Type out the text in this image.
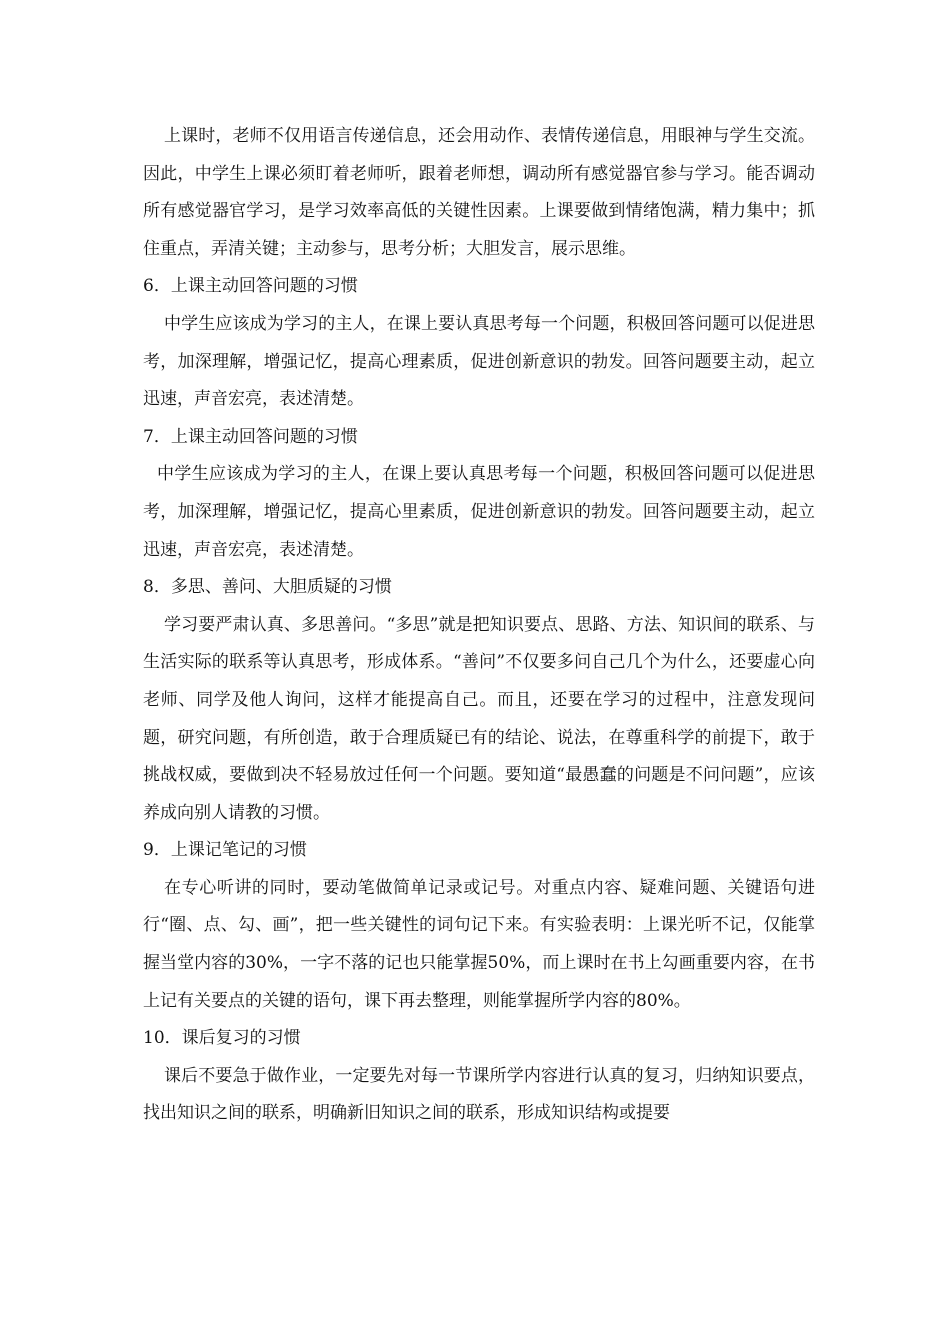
上课时，老师不仅用语言传递信息，还会用动作、表情传递信息，用眼神与学生交流。因此，中学生上课必须盯着老师听，跟着老师想，调动所有感觉器官参与学习。能否调动所有感觉器官学习，是学习效率高低的关键性因素。上课要做到情绪饱满，精力集中；抓住重点，弄清关键；主动参与，思考分析；大胆发言，展示思维。

6．上课主动回答问题的习惯

中学生应该成为学习的主人，在课上要认真思考每一个问题，积极回答问题可以促进思考，加深理解，增强记忆，提高心理素质，促进创新意识的勃发。回答问题要主动，起立迅速，声音宏亮，表述清楚。

7．上课主动回答问题的习惯

中学生应该成为学习的主人，在课上要认真思考每一个问题，积极回答问题可以促进思考，加深理解，增强记忆，提高心里素质，促进创新意识的勃发。回答问题要主动，起立迅速，声音宏亮，表述清楚。

8．多思、善问、大胆质疑的习惯

学习要严肃认真、多思善问。“多思”就是把知识要点、思路、方法、知识间的联系、与生活实际的联系等认真思考，形成体系。“善问”不仅要多问自己几个为什么，还要虚心向老师、同学及他人询问，这样才能提高自己。而且，还要在学习的过程中，注意发现问题，研究问题，有所创造，敢于合理质疑已有的结论、说法，在尊重科学的前提下，敢于挑战权威，要做到决不轻易放过任何一个问题。要知道“最愚蠢的问题是不问问题”，应该养成向别人请教的习惯。

9．上课记笔记的习惯

在专心听讲的同时，要动笔做简单记录或记号。对重点内容、疑难问题、关键语句进行“圈、点、勾、画”，把一些关键性的词句记下来。有实验表明：上课光听不记，仅能掌握当堂内容的30%，一字不落的记也只能掌握50%，而上课时在书上勾画重要内容，在书上记有关要点的关键的语句，课下再去整理，则能掌握所学内容的80%。

10．课后复习的习惯

课后不要急于做作业，一定要先对每一节课所学内容进行认真的复习，归纳知识要点，找出知识之间的联系，明确新旧知识之间的联系，形成知识结构或提要
